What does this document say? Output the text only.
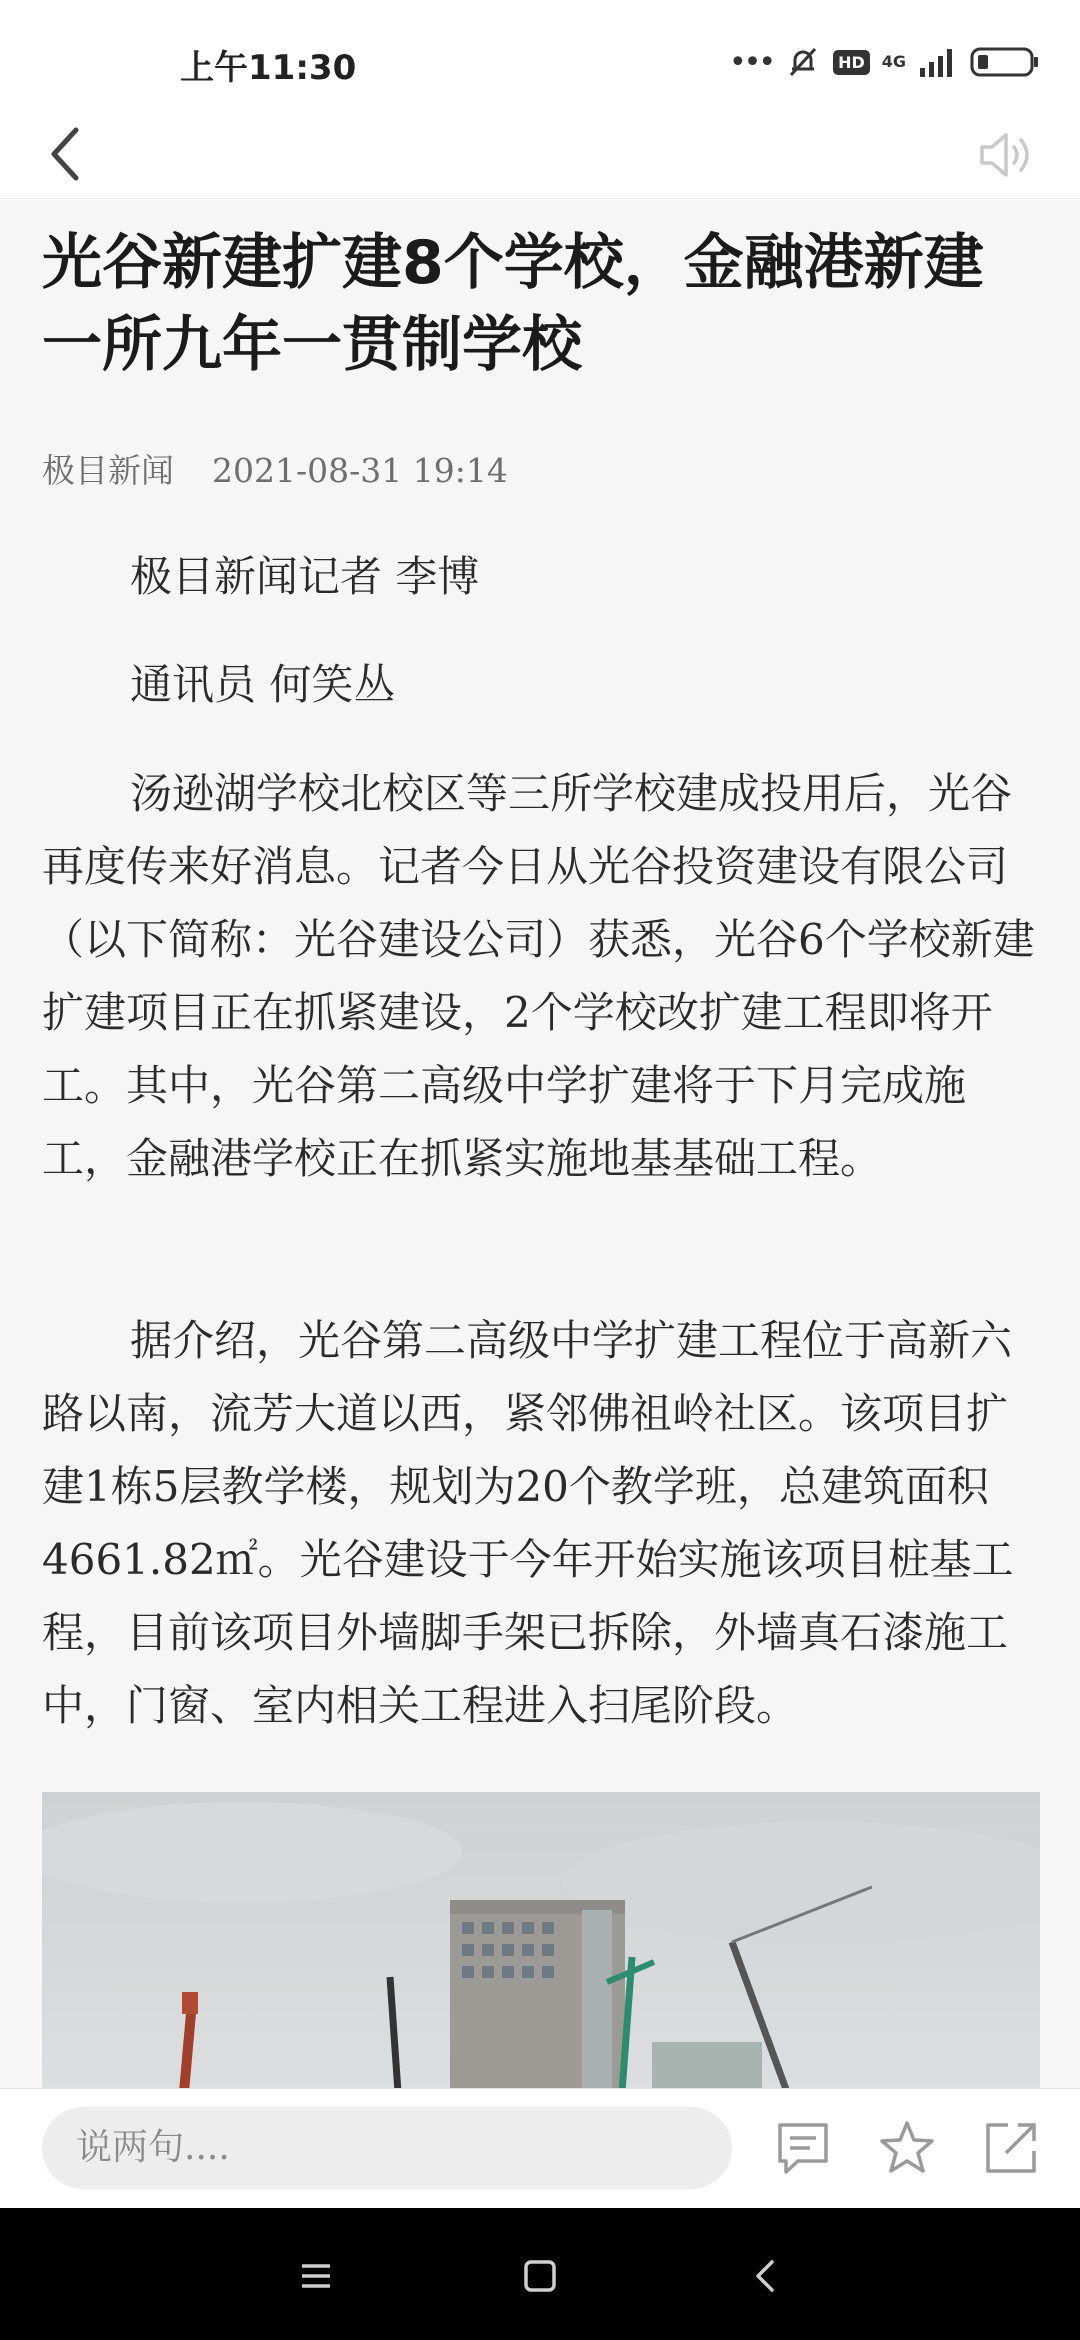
上午11:30	•••	HD	4G
光谷新建扩建8个学校，金融港新建一所九年一贯制学校
极目新闻 2021-08-31 19:14
极目新闻记者 李博
通讯员 何笑丛
汤逊湖学校北校区等三所学校建成投用后，光谷再度传来好消息。记者今日从光谷投资建设有限公司（以下简称：光谷建设公司）获悉，光谷6个学校新建扩建项目正在抓紧建设，2个学校改扩建工程即将开工。其中，光谷第二高级中学扩建将于下月完成施工，金融港学校正在抓紧实施地基基础工程。
据介绍，光谷第二高级中学扩建工程位于高新六路以南，流芳大道以西，紧邻佛祖岭社区。该项目扩建1栋5层教学楼，规划为20个教学班，总建筑面积4661.82㎡。光谷建设于今年开始实施该项目桩基工程，目前该项目外墙脚手架已拆除，外墙真石漆施工中，门窗、室内相关工程进入扫尾阶段。
说两句....
